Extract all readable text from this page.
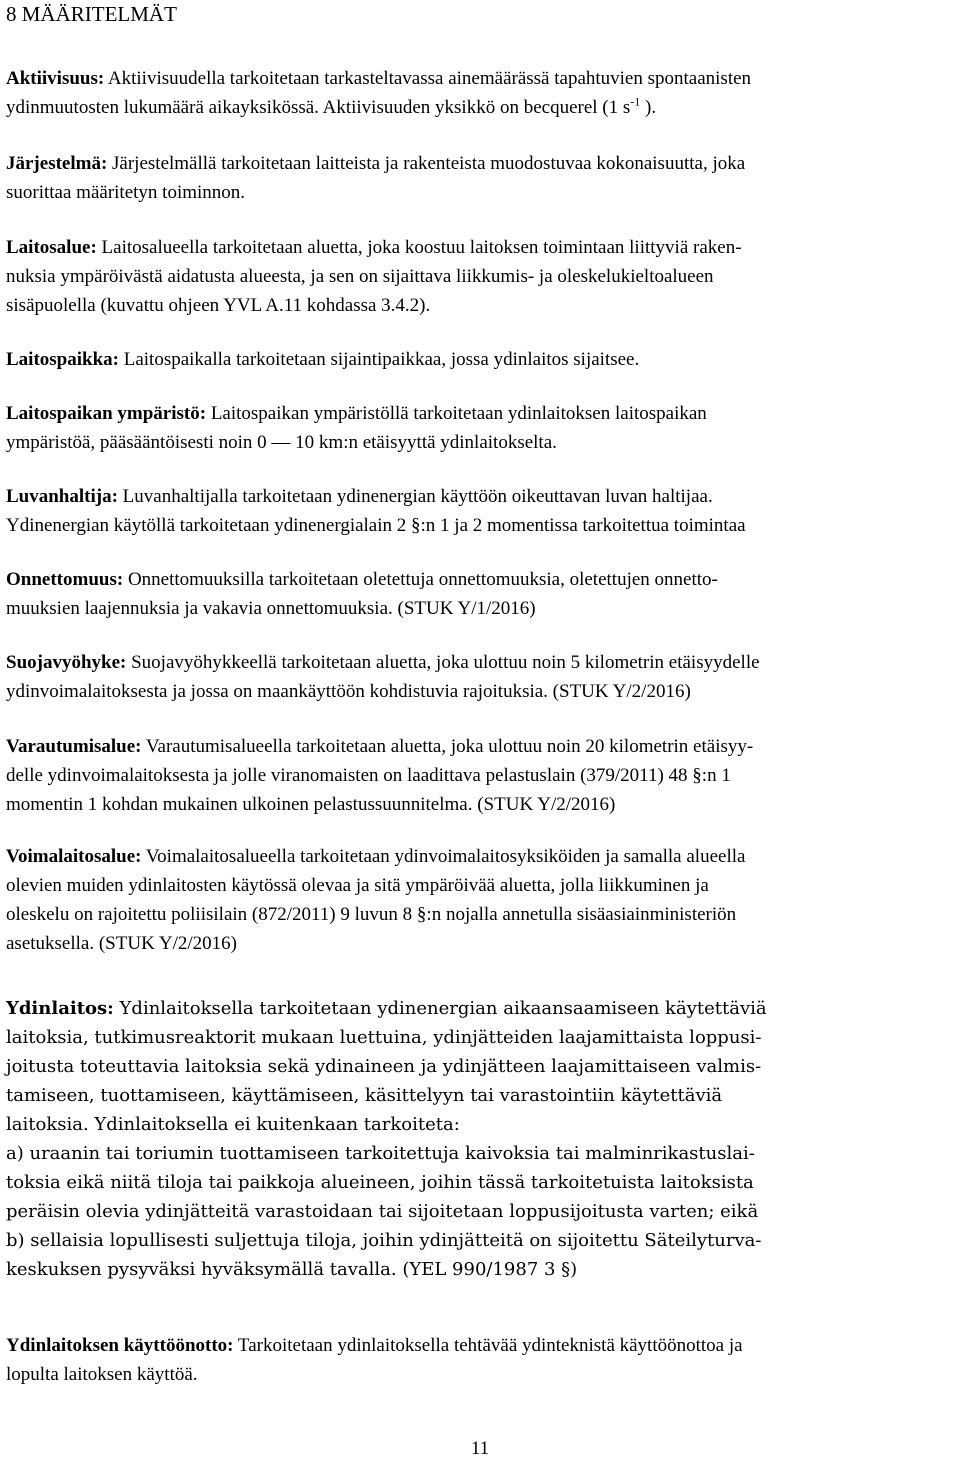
8 MÄÄRITELMÄT
Aktiivisuus: Aktiivisuudella tarkoitetaan tarkasteltavassa ainemäärässä tapahtuvien spontaanisten
ydinmuutosten lukumäärä aikayksikössä. Aktiivisuuden yksikkö on becquerel (1 $s^{-1}$ ).
Järjestelmä: Järjestelmällä tarkoitetaan laitteista ja rakenteista muodostuvaa kokonaisuutta, joka
suorittaa määritetyn toiminnon.
Laitosalue: Laitosalueella tarkoitetaan aluetta, joka koostuu laitoksen toimintaan liittyviä raken-
nuksia ympäröivästä aidatusta alueesta, ja sen on sijaittava liikkumis- ja oleskelukieltoalueen
sisäpuolella (kuvattu ohjeen YVL A.11 kohdassa 3.4.2).
Laitospaikka: Laitospaikalla tarkoitetaan sijaintipaikkaa, jossa ydinlaitos sijaitsee.
Laitospaikan ympäristö: Laitospaikan ympäristöllä tarkoitetaan ydinlaitoksen laitospaikan
ympäristöä, pääsääntöisesti noin 0 — 10 km:n etäisyyttä ydinlaitokselta.
Luvanhaltija: Luvanhaltijalla tarkoitetaan ydinenergian käyttöön oikeuttavan luvan haltijaa.
Ydinenergian käytöllä tarkoitetaan ydinenergialain 2 §:n 1 ja 2 momentissa tarkoitettua toimintaa
Onnettomuus: Onnettomuuksilla tarkoitetaan oletettuja onnettomuuksia, oletettujen onnetto-
muuksien laajennuksia ja vakavia onnettomuuksia. (STUK Y/1/2016)
Suojavyöhyke: Suojavyöhykkeellä tarkoitetaan aluetta, joka ulottuu noin 5 kilometrin etäisyydelle
ydinvoimalaitoksesta ja jossa on maankäyttöön kohdistuvia rajoituksia. (STUK Y/2/2016)
Varautumisalue: Varautumisalueella tarkoitetaan aluetta, joka ulottuu noin 20 kilometrin etäisyy-
delle ydinvoimalaitoksesta ja jolle viranomaisten on laadittava pelastuslain (379/2011) 48 §:n 1
momentin 1 kohdan mukainen ulkoinen pelastussuunnitelma. (STUK Y/2/2016)
Voimalaitosalue: Voimalaitosalueella tarkoitetaan ydinvoimalaitosyksiköiden ja samalla alueella
olevien muiden ydinlaitosten käytössä olevaa ja sitä ympäröivää aluetta, jolla liikkuminen ja
oleskelu on rajoitettu poliisilain (872/2011) 9 luvun 8 §:n nojalla annetulla sisäasiainministeriön
asetuksella. (STUK Y/2/2016)
Ydinlaitos: Ydinlaitoksella tarkoitetaan ydinenergian aikaansaamiseen käytettäviä
laitoksia, tutkimusreaktorit mukaan luettuina, ydinjätteiden laajamittaista loppusi-
joitusta toteuttavia laitoksia sekä ydinaineen ja ydinjätteen laajamittaiseen valmis-
tamiseen, tuottamiseen, käyttämiseen, käsittelyyn tai varastointiin käytettäviä
laitoksia. Ydinlaitoksella ei kuitenkaan tarkoiteta:
a) uraanin tai toriumin tuottamiseen tarkoitettuja kaivoksia tai malminrikastuslai-
toksia eikä niitä tiloja tai paikkoja alueineen, joihin tässä tarkoitetuista laitoksista
peräisin olevia ydinjätteitä varastoidaan tai sijoitetaan loppusijoitusta varten; eikä
b) sellaisia lopullisesti suljettuja tiloja, joihin ydinjätteitä on sijoitettu Säteilyturva-
keskuksen pysyväksi hyväksymällä tavalla. (YEL 990/1987 3 §)
Ydinlaitoksen käyttöönotto: Tarkoitetaan ydinlaitoksella tehtävää ydinteknistä käyttöönottoa ja
lopulta laitoksen käyttöä.
11
